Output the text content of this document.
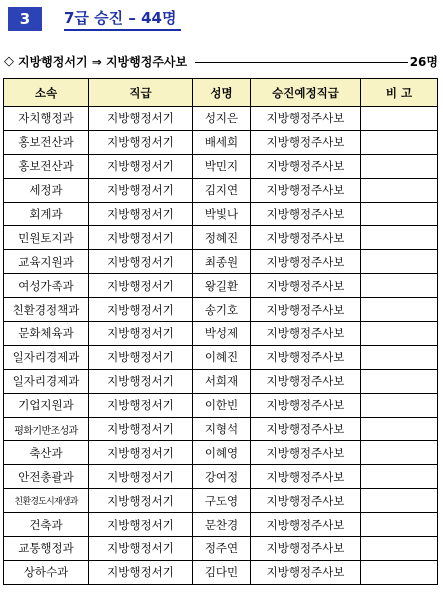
3	7급 승진 – 44명
◇ 지방행정서기 ⇒ 지방행정주사보	26명
소속	직급	성명	승진예정직급	비 고
자치행정과	지방행정서기	성지은	지방행정주사보	
홍보전산과	지방행정서기	배세희	지방행정주사보	
홍보전산과	지방행정서기	박민지	지방행정주사보	
세정과	지방행정서기	김지연	지방행정주사보	
회계과	지방행정서기	박빛나	지방행정주사보	
민원토지과	지방행정서기	정혜진	지방행정주사보	
교육지원과	지방행정서기	최종원	지방행정주사보	
여성가족과	지방행정서기	왕길환	지방행정주사보	
친환경정책과	지방행정서기	송기호	지방행정주사보	
문화체육과	지방행정서기	박성제	지방행정주사보	
일자리경제과	지방행정서기	이혜진	지방행정주사보	
일자리경제과	지방행정서기	서희재	지방행정주사보	
기업지원과	지방행정서기	이한빈	지방행정주사보	
평화기반조성과	지방행정서기	지형석	지방행정주사보	
축산과	지방행정서기	이혜영	지방행정주사보	
안전총괄과	지방행정서기	강여정	지방행정주사보	
친환경도시재생과	지방행정서기	구도영	지방행정주사보	
건축과	지방행정서기	문찬경	지방행정주사보	
교통행정과	지방행정서기	정주연	지방행정주사보	
상하수과	지방행정서기	김다민	지방행정주사보	
